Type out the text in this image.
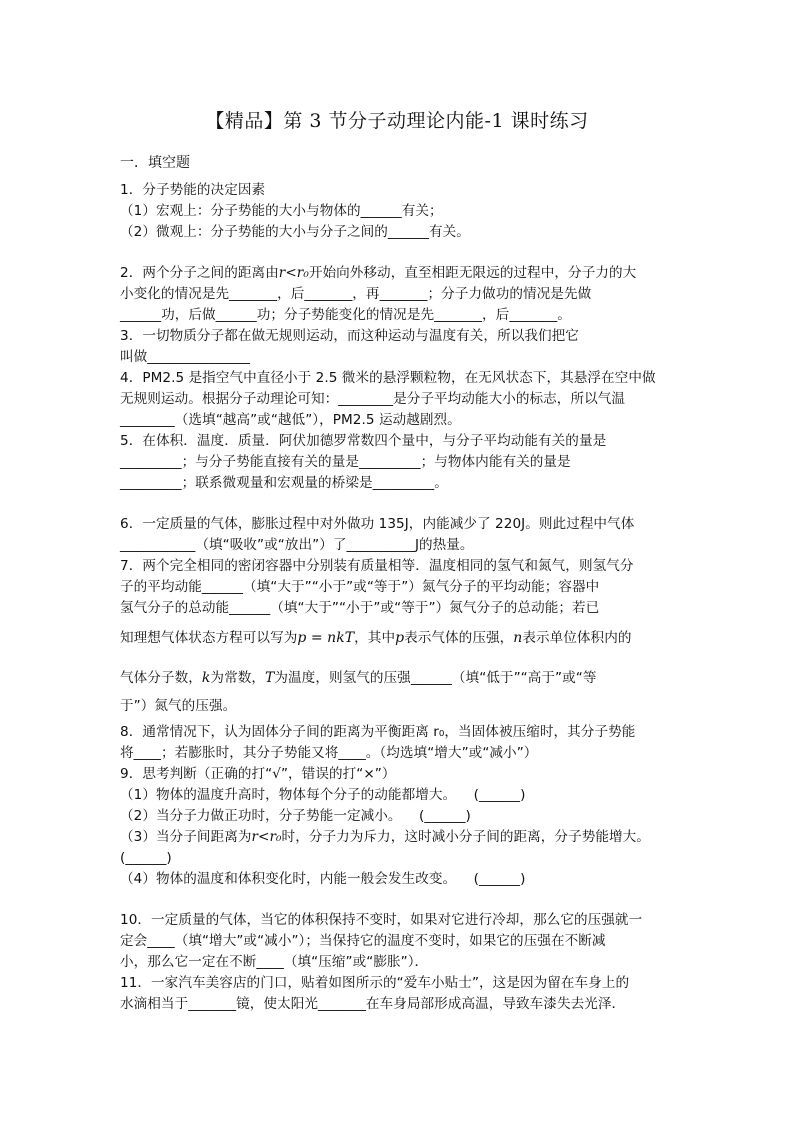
【精品】第 3 节分子动理论内能-1 课时练习
一．填空题
1．分子势能的决定因素
（1）宏观上：分子势能的大小与物体的______有关；
（2）微观上：分子势能的大小与分子之间的______有关。
2．两个分子之间的距离由r<r₀开始向外移动，直至相距无限远的过程中，分子力的大
小变化的情况是先_______，后_______，再_______；分子力做功的情况是先做
______功，后做______功；分子势能变化的情况是先_______，后_______。
3．一切物质分子都在做无规则运动，而这种运动与温度有关，所以我们把它
叫做_______________
4．PM2.5 是指空气中直径小于 2.5 微米的悬浮颗粒物，在无风状态下，其悬浮在空中做
无规则运动。根据分子动理论可知：________是分子平均动能大小的标志，所以气温
________（选填“越高”或“越低”），PM2.5 运动越剧烈。
5．在体积．温度．质量．阿伏加德罗常数四个量中，与分子平均动能有关的量是
_________；与分子势能直接有关的量是_________；与物体内能有关的量是
_________；联系微观量和宏观量的桥梁是_________。
6．一定质量的气体，膨胀过程中对外做功 135J，内能减少了 220J。则此过程中气体
___________（填“吸收”或“放出”）了__________J的热量。
7．两个完全相同的密闭容器中分别装有质量相等．温度相同的氢气和氮气，则氢气分
子的平均动能______（填“大于”“小于”或“等于”）氮气分子的平均动能；容器中
氢气分子的总动能______（填“大于”“小于”或“等于”）氮气分子的总动能；若已
知理想气体状态方程可以写为p = nkT，其中p表示气体的压强，n表示单位体积内的
气体分子数，k为常数，T为温度，则氢气的压强______（填“低于”“高于”或“等
于”）氮气的压强。
8．通常情况下，认为固体分子间的距离为平衡距离 r₀，当固体被压缩时，其分子势能
将____；若膨胀时，其分子势能又将____。（均选填“增大”或“减小”）
9．思考判断（正确的打“√”，错误的打“×”）
（1）物体的温度升高时，物体每个分子的动能都增大。    (______)
（2）当分子力做正功时，分子势能一定减小。    (______)
（3）当分子间距离为r<r₀时，分子力为斥力，这时减小分子间的距离，分子势能增大。
(______)
（4）物体的温度和体积变化时，内能一般会发生改变。    (______)
10．一定质量的气体，当它的体积保持不变时，如果对它进行冷却，那么它的压强就一
定会____（填“增大”或“减小”）；当保持它的温度不变时，如果它的压强在不断减
小，那么它一定在不断____（填“压缩”或“膨胀”）．
11．一家汽车美容店的门口，贴着如图所示的“爱车小贴士”，这是因为留在车身上的
水滴相当于_______镜，使太阳光_______在车身局部形成高温，导致车漆失去光泽．
